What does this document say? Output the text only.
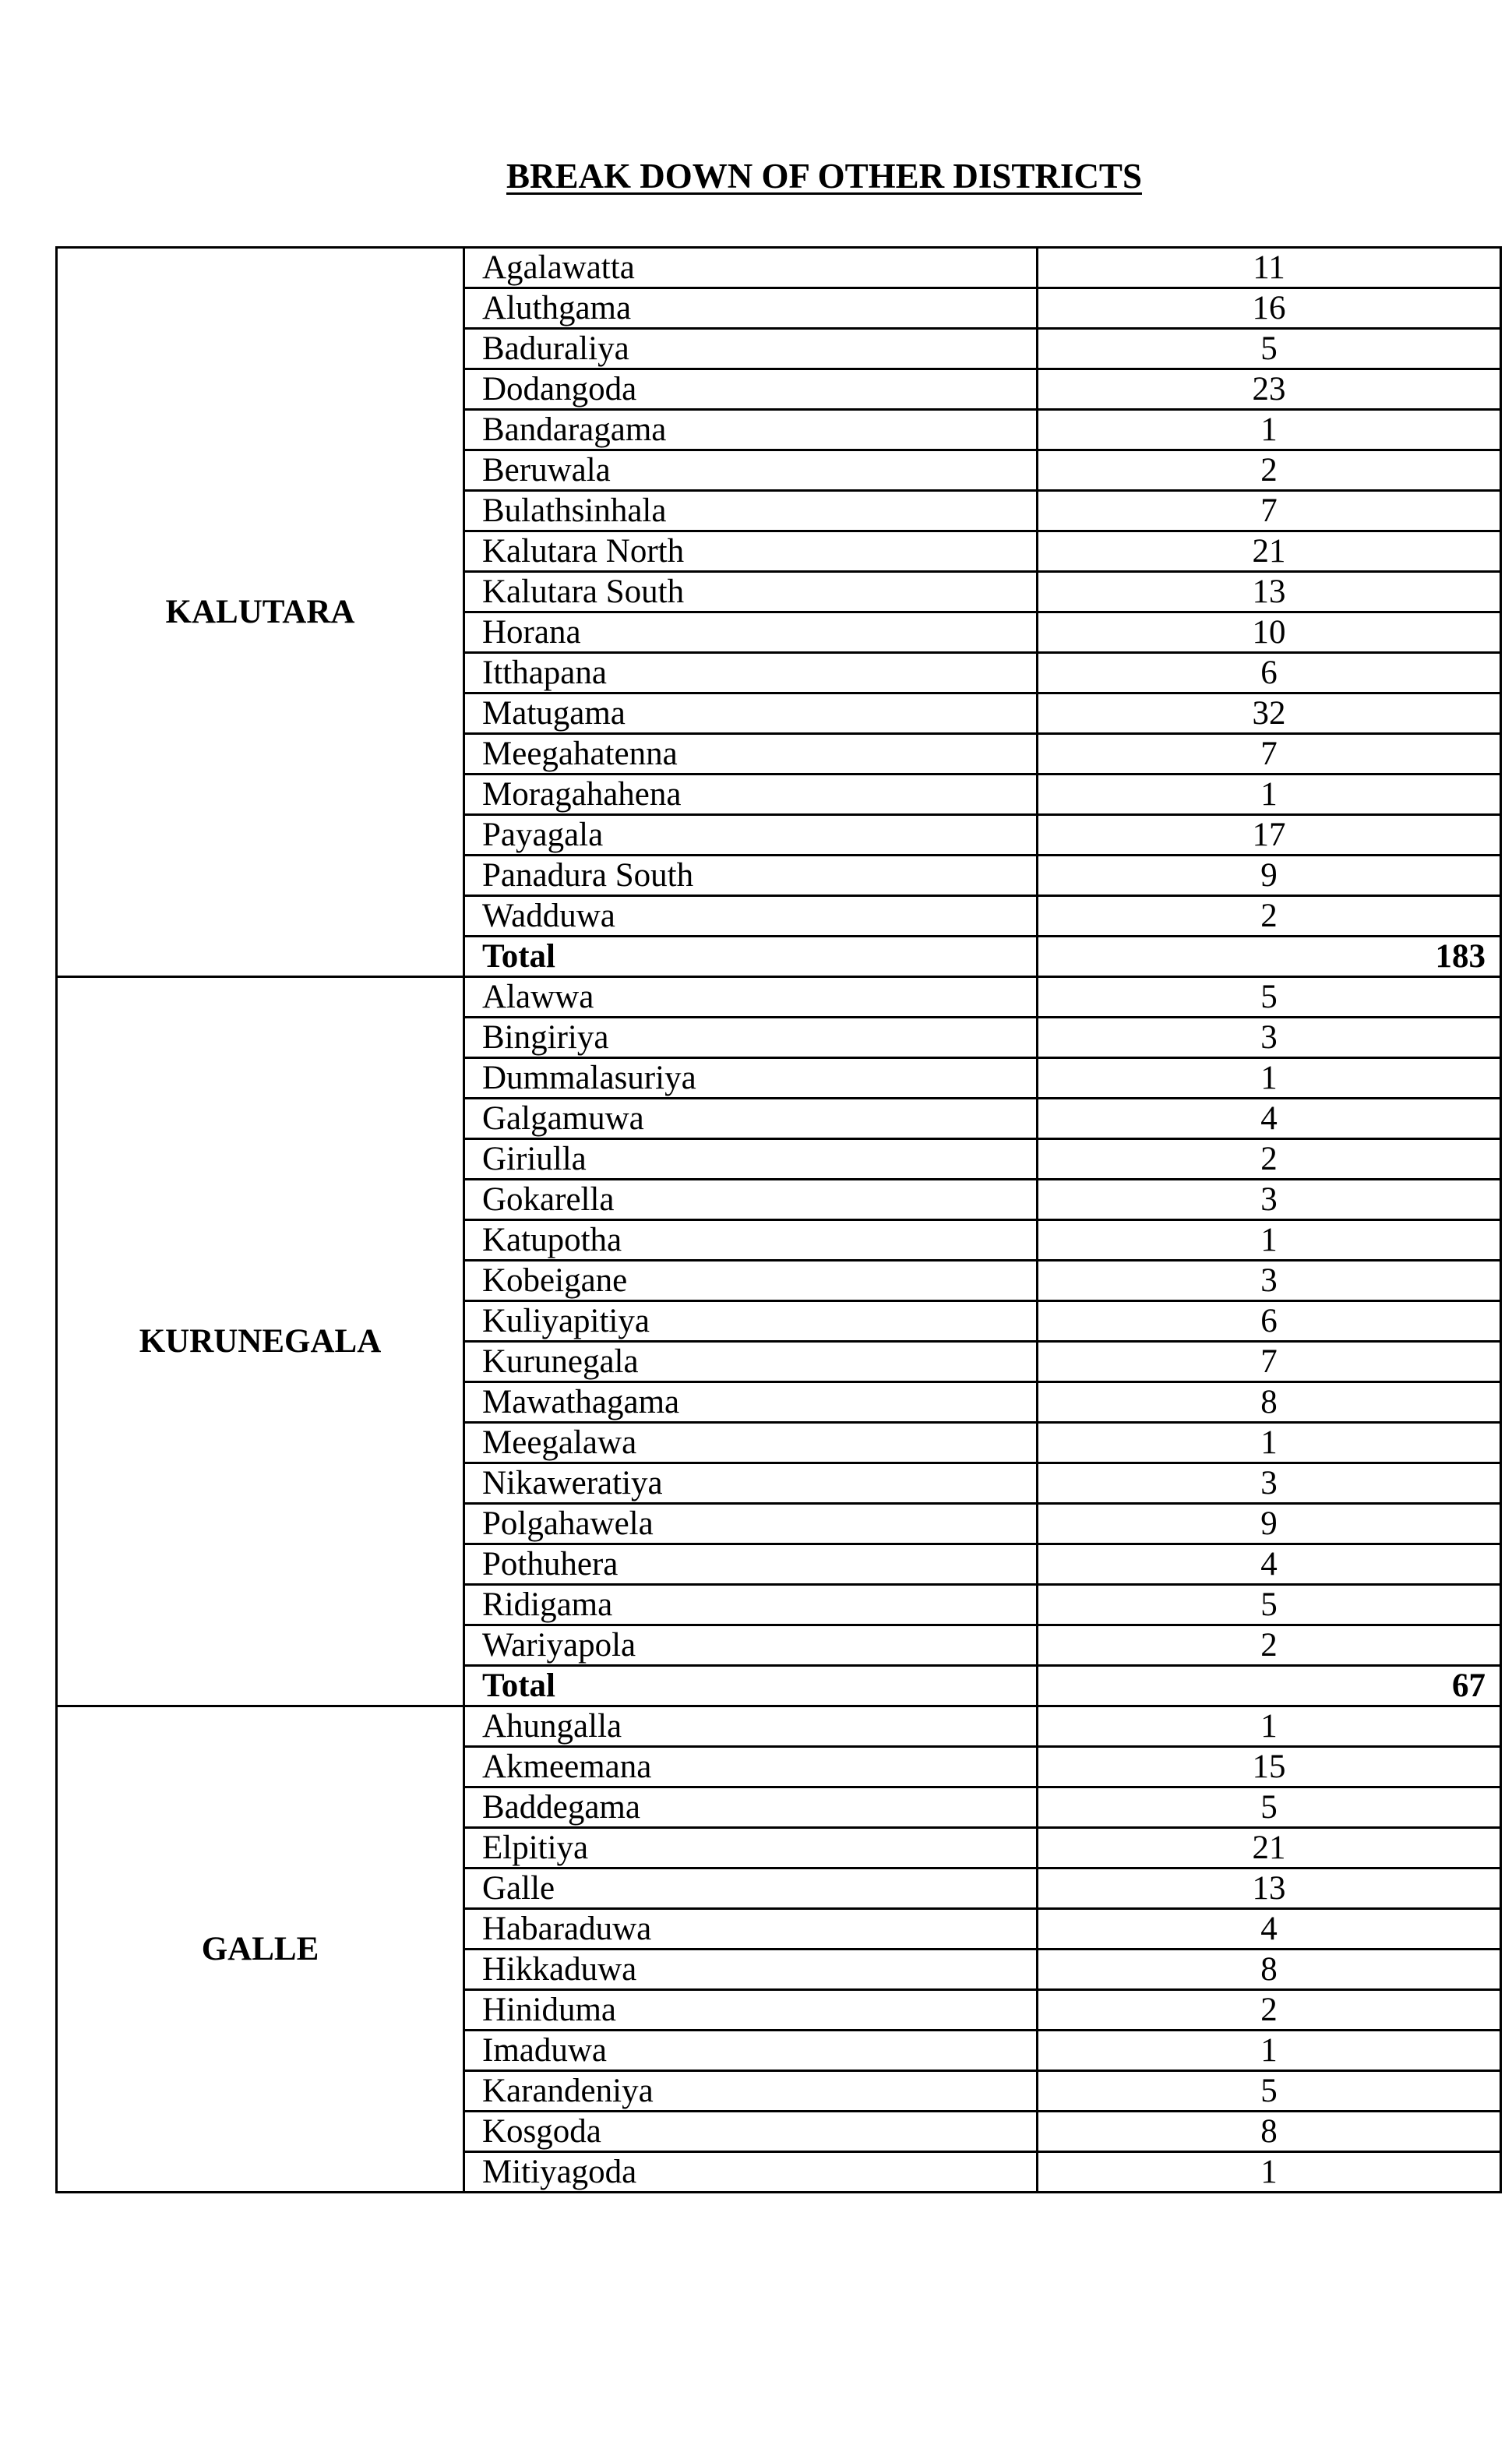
BREAK DOWN OF OTHER DISTRICTS
KALUTARA	Agalawatta	11
	Aluthgama	16
	Baduraliya	5
	Dodangoda	23
	Bandaragama	1
	Beruwala	2
	Bulathsinhala	7
	Kalutara North	21
	Kalutara South	13
	Horana	10
	Itthapana	6
	Matugama	32
	Meegahatenna	7
	Moragahahena	1
	Payagala	17
	Panadura South	9
	Wadduwa	2
	Total	183
KURUNEGALA	Alawwa	5
	Bingiriya	3
	Dummalasuriya	1
	Galgamuwa	4
	Giriulla	2
	Gokarella	3
	Katupotha	1
	Kobeigane	3
	Kuliyapitiya	6
	Kurunegala	7
	Mawathagama	8
	Meegalawa	1
	Nikaweratiya	3
	Polgahawela	9
	Pothuhera	4
	Ridigama	5
	Wariyapola	2
	Total	67
GALLE	Ahungalla	1
	Akmeemana	15
	Baddegama	5
	Elpitiya	21
	Galle	13
	Habaraduwa	4
	Hikkaduwa	8
	Hiniduma	2
	Imaduwa	1
	Karandeniya	5
	Kosgoda	8
	Mitiyagoda	1
